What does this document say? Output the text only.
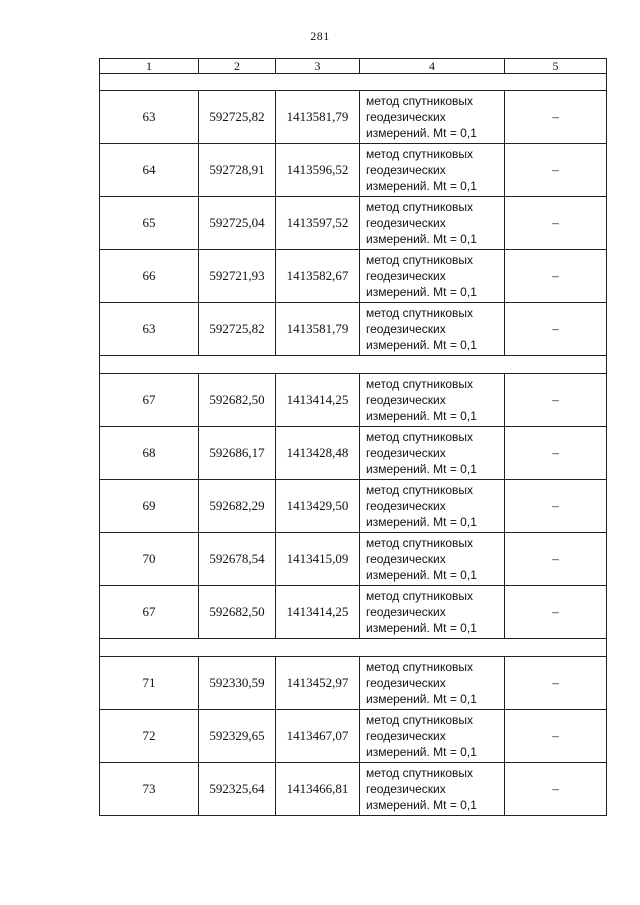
281
1	2	3	4	5

63	592725,82	1413581,79	метод спутниковых геодезических измерений. Mt = 0,1	–
64	592728,91	1413596,52	метод спутниковых геодезических измерений. Mt = 0,1	–
65	592725,04	1413597,52	метод спутниковых геодезических измерений. Mt = 0,1	–
66	592721,93	1413582,67	метод спутниковых геодезических измерений. Mt = 0,1	–
63	592725,82	1413581,79	метод спутниковых геодезических измерений. Mt = 0,1	–

67	592682,50	1413414,25	метод спутниковых геодезических измерений. Mt = 0,1	–
68	592686,17	1413428,48	метод спутниковых геодезических измерений. Mt = 0,1	–
69	592682,29	1413429,50	метод спутниковых геодезических измерений. Mt = 0,1	–
70	592678,54	1413415,09	метод спутниковых геодезических измерений. Mt = 0,1	–
67	592682,50	1413414,25	метод спутниковых геодезических измерений. Mt = 0,1	–

71	592330,59	1413452,97	метод спутниковых геодезических измерений. Mt = 0,1	–
72	592329,65	1413467,07	метод спутниковых геодезических измерений. Mt = 0,1	–
73	592325,64	1413466,81	метод спутниковых геодезических измерений. Mt = 0,1	–
